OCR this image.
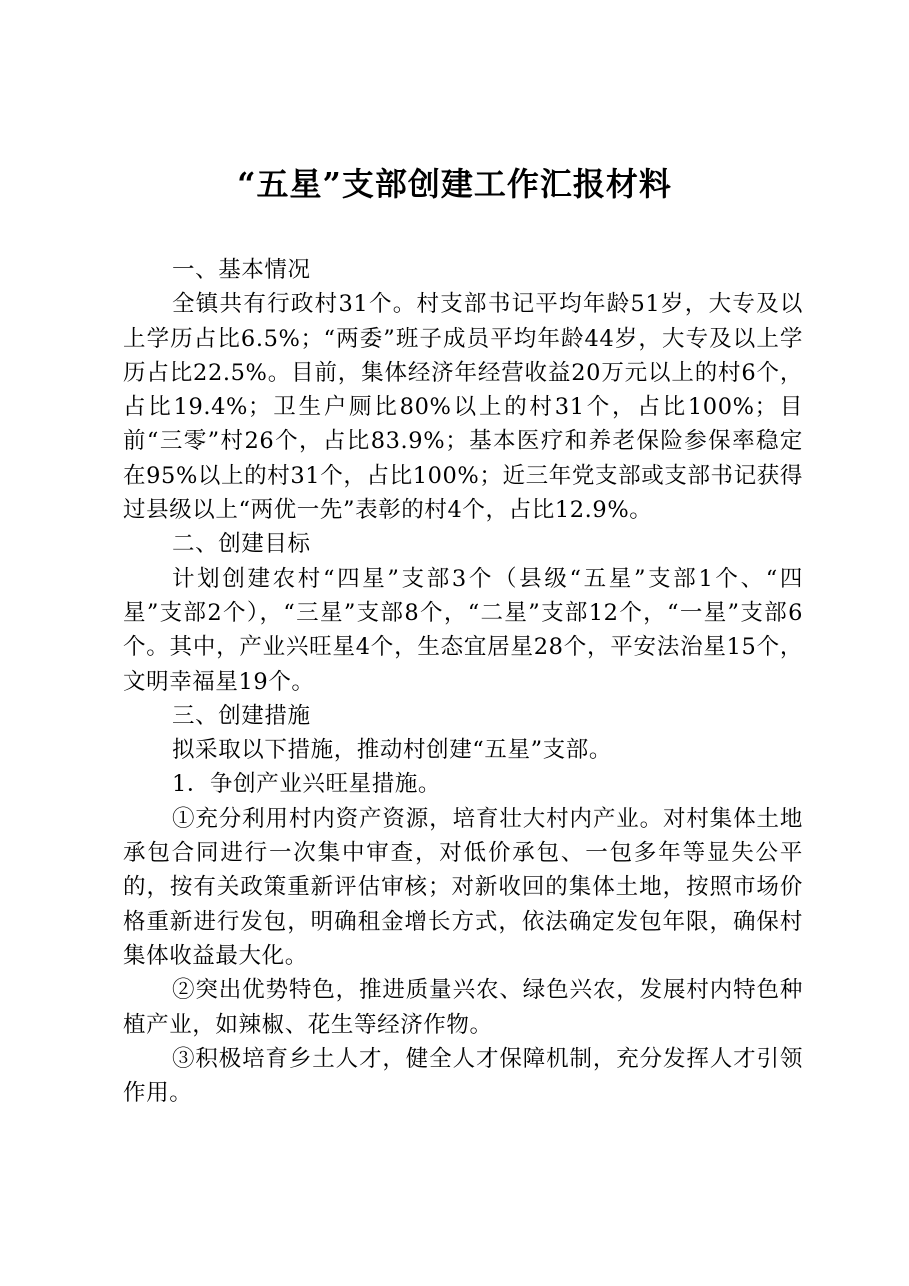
“五星”支部创建工作汇报材料

一、基本情况

全镇共有行政村31个。村支部书记平均年龄51岁，大专及以上学历占比6.5%；“两委”班子成员平均年龄44岁，大专及以上学历占比22.5%。目前，集体经济年经营收益20万元以上的村6个，占比19.4%；卫生户厕比80%以上的村31个，占比100%；目前“三零”村26个，占比83.9%；基本医疗和养老保险参保率稳定在95%以上的村31个，占比100%；近三年党支部或支部书记获得过县级以上“两优一先”表彰的村4个，占比12.9%。

二、创建目标

计划创建农村“四星”支部3个（县级“五星”支部1个、“四星”支部2个），“三星”支部8个，“二星”支部12个，“一星”支部6个。其中，产业兴旺星4个，生态宜居星28个，平安法治星15个，文明幸福星19个。

三、创建措施

拟采取以下措施，推动村创建“五星”支部。

1．争创产业兴旺星措施。

①充分利用村内资产资源，培育壮大村内产业。对村集体土地承包合同进行一次集中审查，对低价承包、一包多年等显失公平的，按有关政策重新评估审核；对新收回的集体土地，按照市场价格重新进行发包，明确租金增长方式，依法确定发包年限，确保村集体收益最大化。

②突出优势特色，推进质量兴农、绿色兴农，发展村内特色种植产业，如辣椒、花生等经济作物。

③积极培育乡土人才，健全人才保障机制，充分发挥人才引领作用。
